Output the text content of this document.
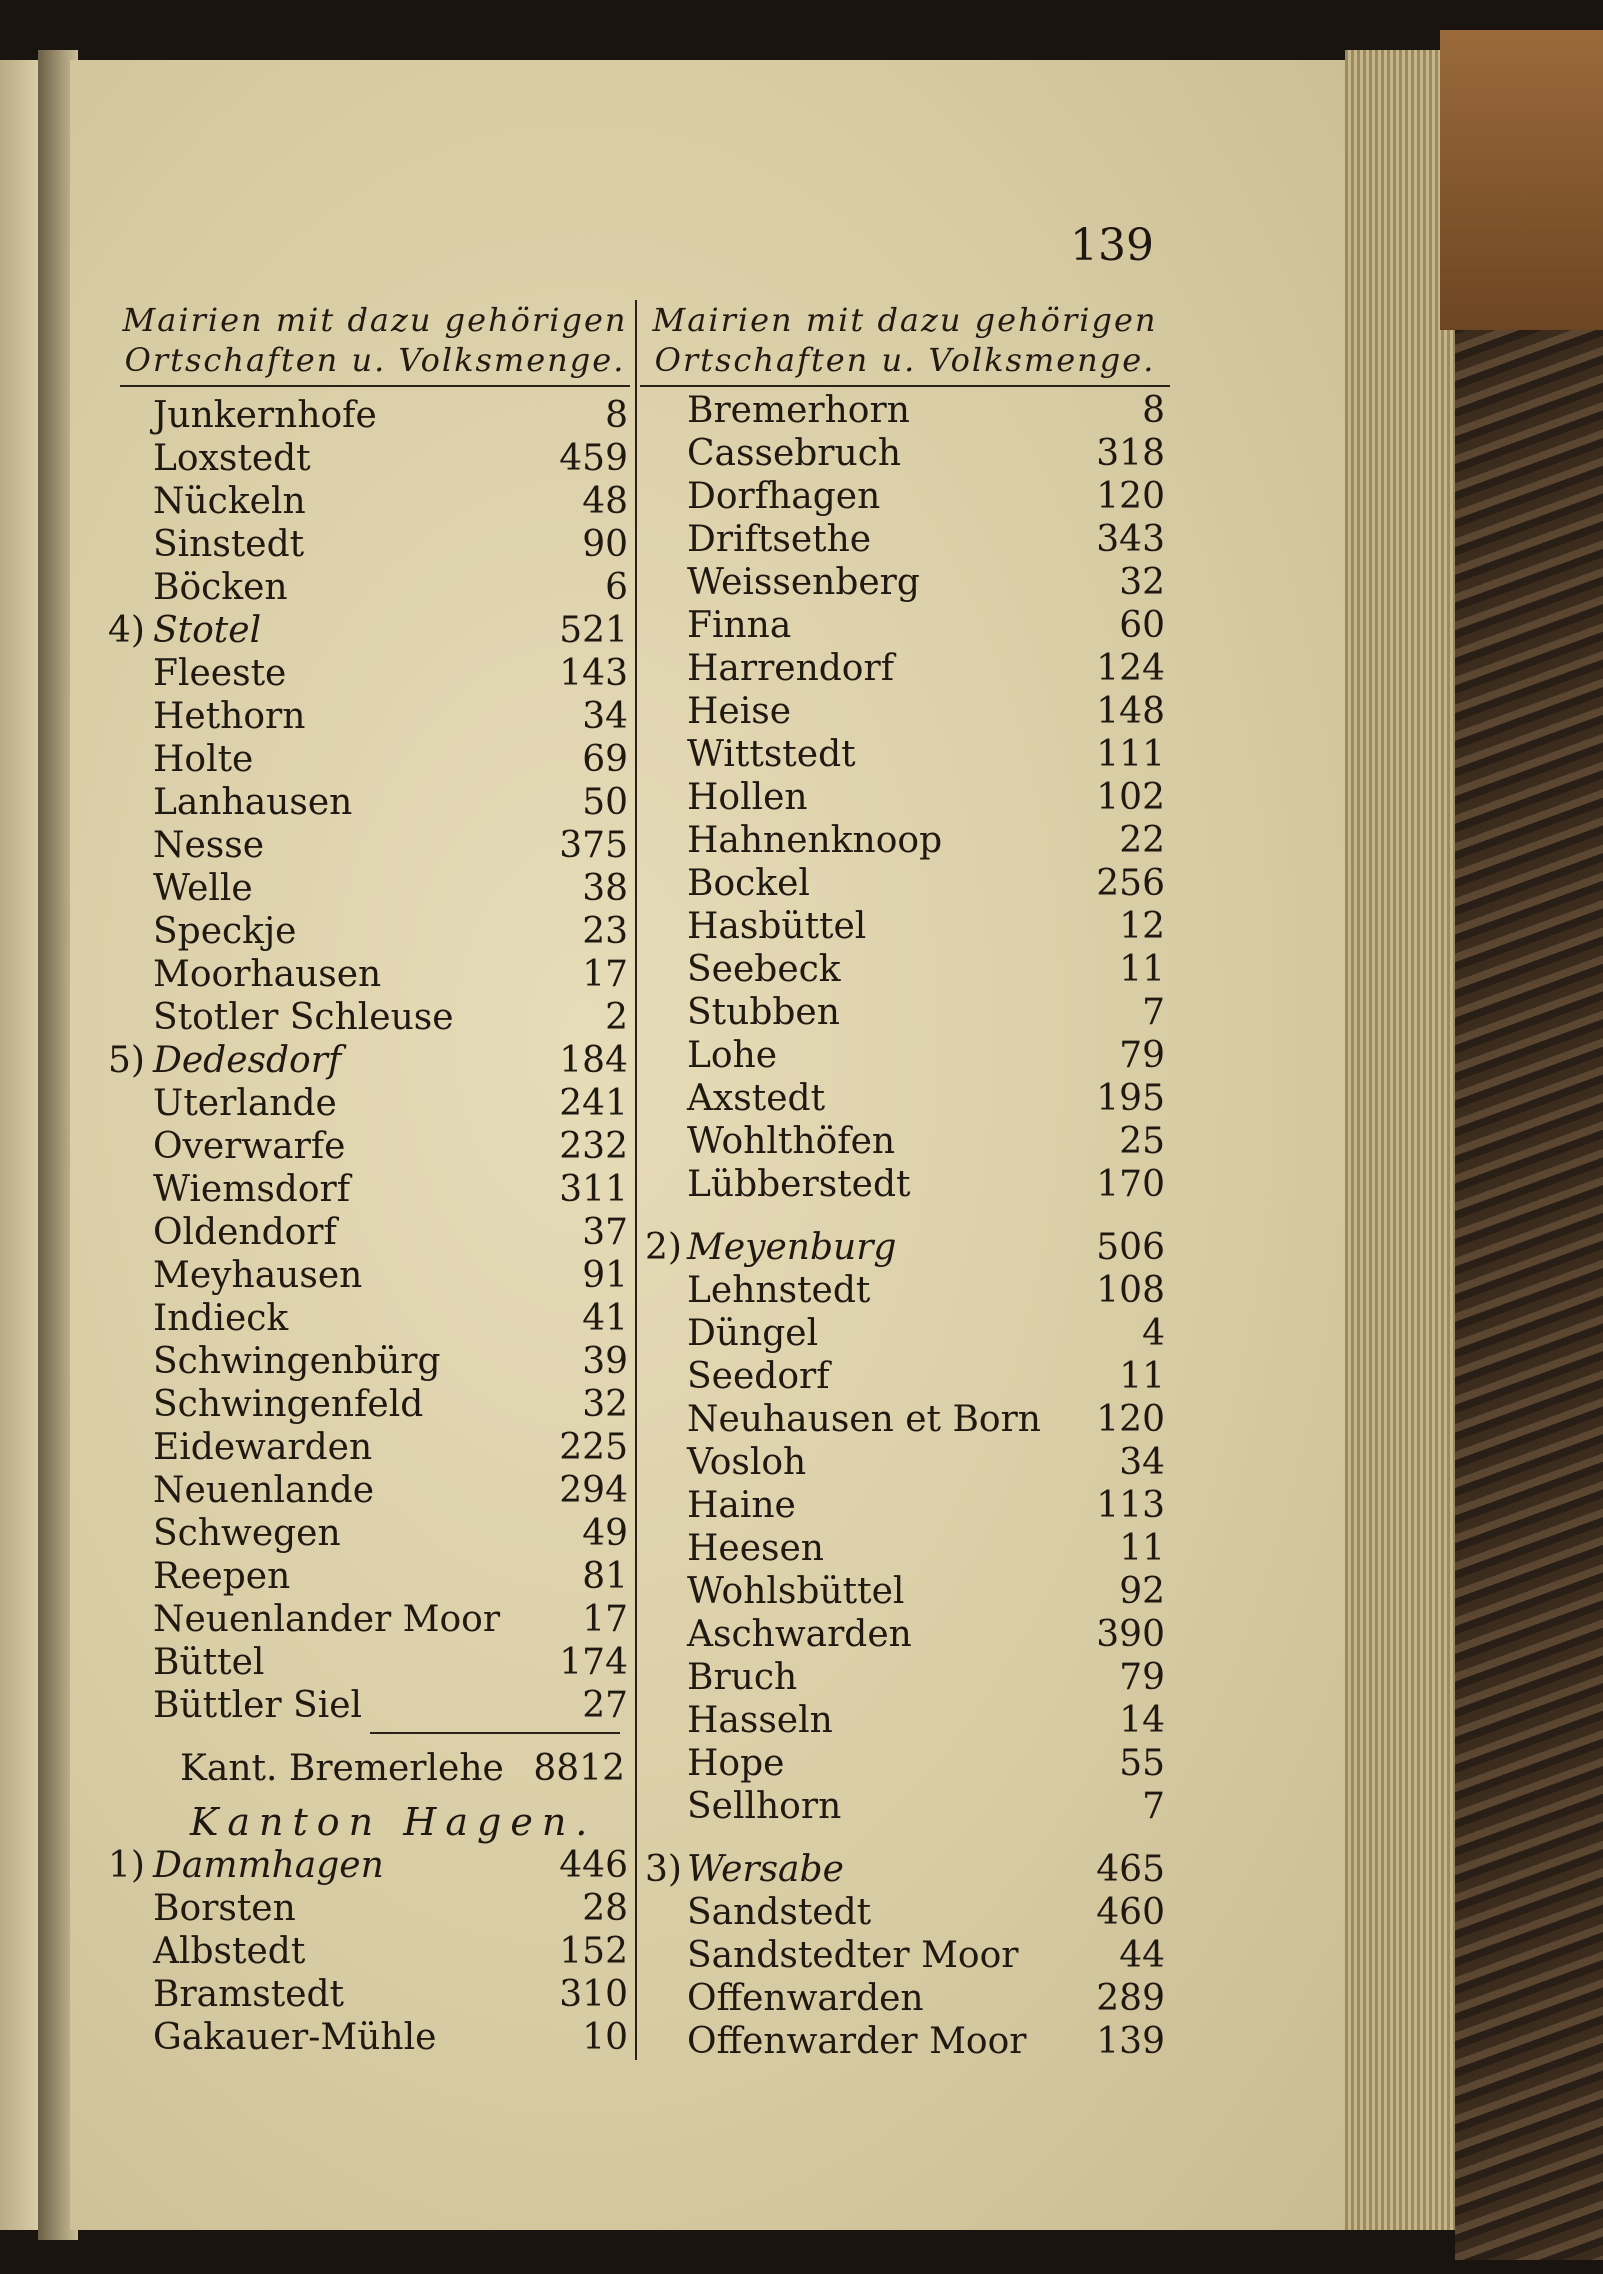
139
Mairien mit dazu gehörigen
Ortschaften u. Volksmenge.
Mairien mit dazu gehörigen
Ortschaften u. Volksmenge.
Junkernhofe	8
Loxstedt	459
Nückeln	48
Sinstedt	90
Böcken	6
4) Stotel	521
Fleeste	143
Hethorn	34
Holte	69
Lanhausen	50
Nesse	375
Welle	38
Speckje	23
Moorhausen	17
Stotler Schleuse	2
5) Dedesdorf	184
Uterlande	241
Overwarfe	232
Wiemsdorf	311
Oldendorf	37
Meyhausen	91
Indieck	41
Schwingenbürg	39
Schwingenfeld	32
Eidewarden	225
Neuenlande	294
Schwegen	49
Reepen	81
Neuenlander Moor 17
Büttel	174
Büttler Siel	27
Kant. Bremerlehe 8812
Kanton Hagen.
1) Dammhagen	446
Borsten	28
Albstedt	152
Bramstedt	310
Gakauer-Mühle	10
Bremerhorn	8
Cassebruch	318
Dorfhagen	120
Driftsethe	343
Weissenberg	32
Finna	60
Harrendorf	124
Heise	148
Wittstedt	111
Hollen	102
Hahnenknoop	22
Bockel	256
Hasbüttel	12
Seebeck	11
Stubben	7
Lohe	79
Axstedt	195
Wohlthöfen	25
Lübberstedt	170
2) Meyenburg	506
Lehnstedt	108
Düngel	4
Seedorf	11
Neuhausen et Born 120
Vosloh	34
Haine	113
Heesen	11
Wohlsbüttel	92
Aschwarden	390
Bruch	79
Hasseln	14
Hope	55
Sellhorn	7
3) Wersabe	465
Sandstedt	460
Sandstedter Moor	44
Offenwarden	289
Offenwarder Moor 139
